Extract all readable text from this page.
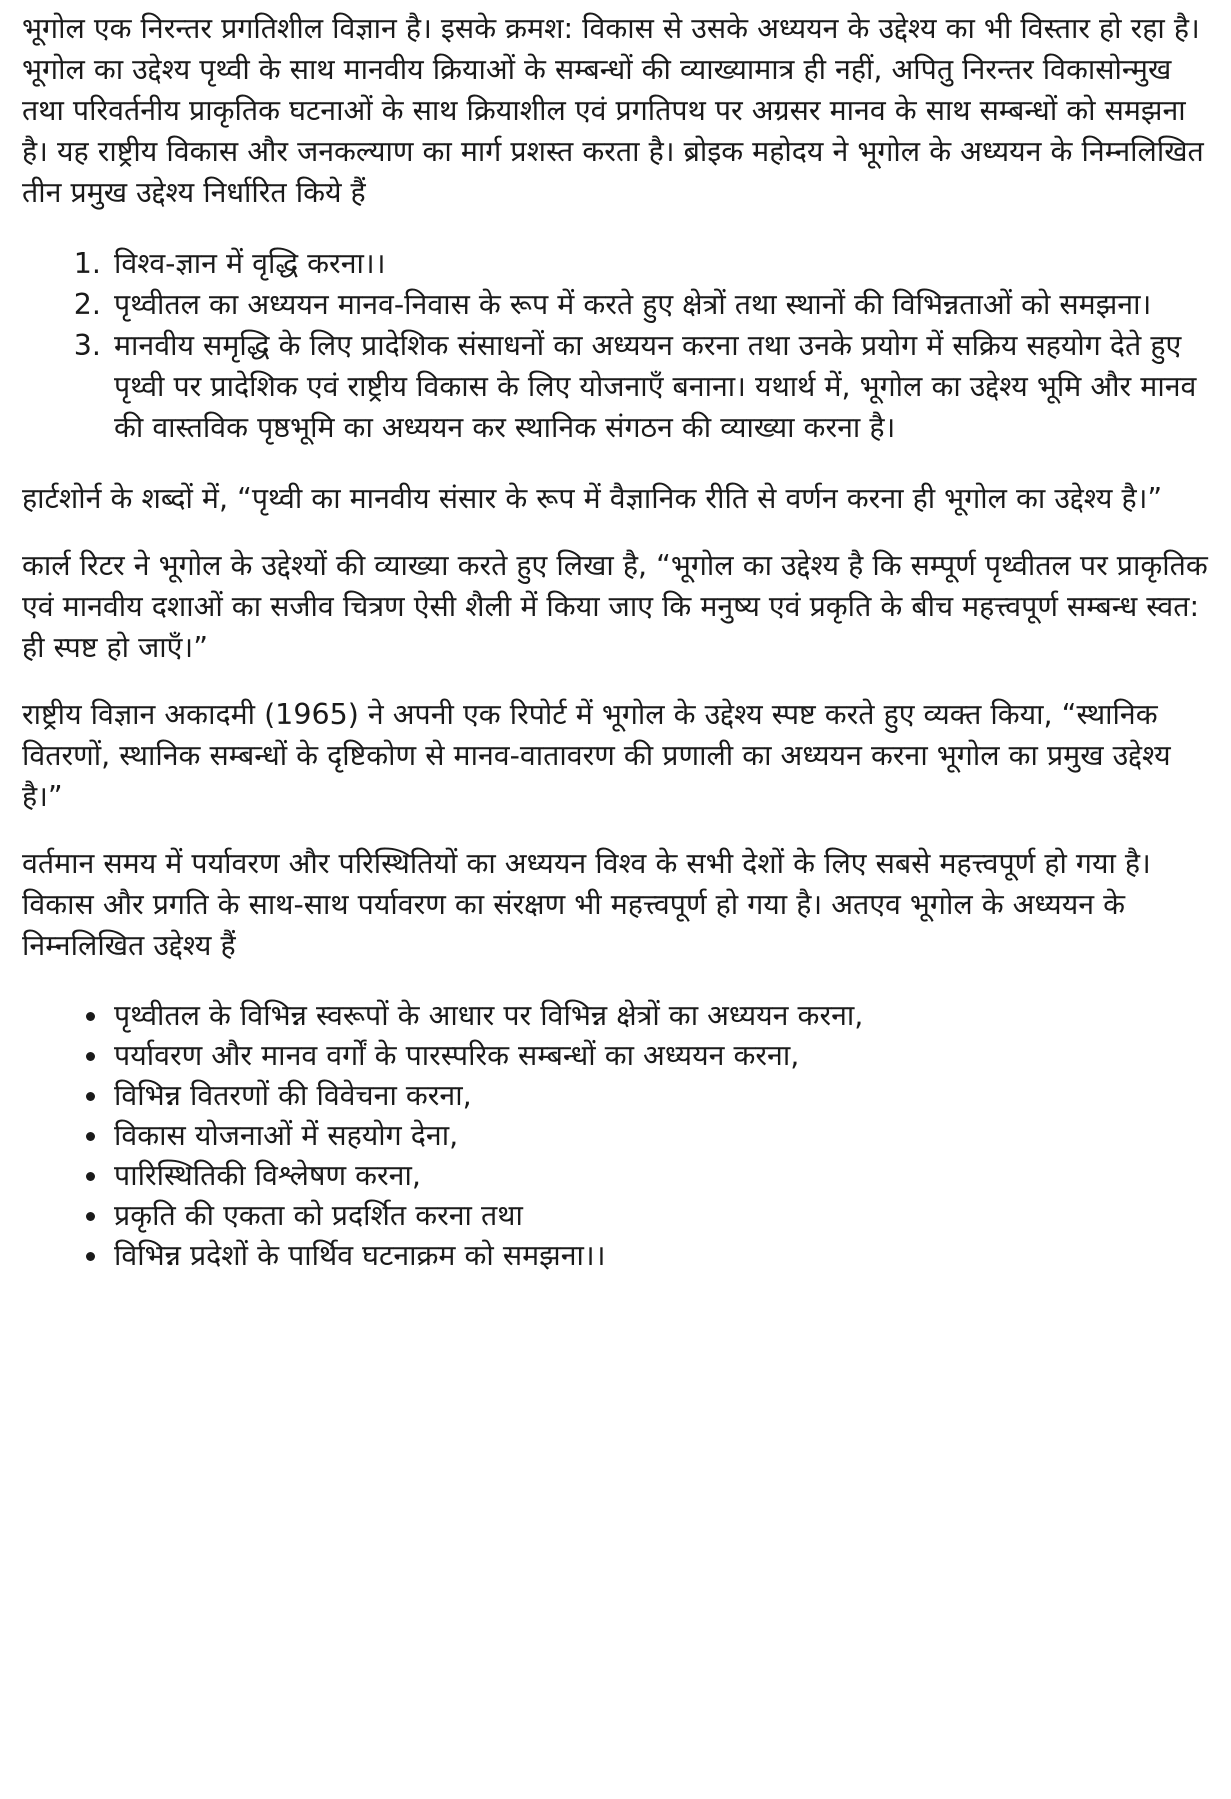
भूगोल एक निरन्तर प्रगतिशील विज्ञान है। इसके क्रमश: विकास से उसके अध्ययन के उद्देश्य का भी विस्तार हो रहा है। भूगोल का उद्देश्य पृथ्वी के साथ मानवीय क्रियाओं के सम्बन्धों की व्याख्यामात्र ही नहीं, अपितु निरन्तर विकासोन्मुख तथा परिवर्तनीय प्राकृतिक घटनाओं के साथ क्रियाशील एवं प्रगतिपथ पर अग्रसर मानव के साथ सम्बन्धों को समझना है। यह राष्ट्रीय विकास और जनकल्याण का मार्ग प्रशस्त करता है। ब्रोइक महोदय ने भूगोल के अध्ययन के निम्नलिखित तीन प्रमुख उद्देश्य निर्धारित किये हैं

1. विश्व-ज्ञान में वृद्धि करना।।
2. पृथ्वीतल का अध्ययन मानव-निवास के रूप में करते हुए क्षेत्रों तथा स्थानों की विभिन्नताओं को समझना।
3. मानवीय समृद्धि के लिए प्रादेशिक संसाधनों का अध्ययन करना तथा उनके प्रयोग में सक्रिय सहयोग देते हुए पृथ्वी पर प्रादेशिक एवं राष्ट्रीय विकास के लिए योजनाएँ बनाना। यथार्थ में, भूगोल का उद्देश्य भूमि और मानव की वास्तविक पृष्ठभूमि का अध्ययन कर स्थानिक संगठन की व्याख्या करना है।

हार्टशोर्न के शब्दों में, “पृथ्वी का मानवीय संसार के रूप में वैज्ञानिक रीति से वर्णन करना ही भूगोल का उद्देश्य है।”

कार्ल रिटर ने भूगोल के उद्देश्यों की व्याख्या करते हुए लिखा है, “भूगोल का उद्देश्य है कि सम्पूर्ण पृथ्वीतल पर प्राकृतिक एवं मानवीय दशाओं का सजीव चित्रण ऐसी शैली में किया जाए कि मनुष्य एवं प्रकृति के बीच महत्त्वपूर्ण सम्बन्ध स्वत: ही स्पष्ट हो जाएँ।”

राष्ट्रीय विज्ञान अकादमी (1965) ने अपनी एक रिपोर्ट में भूगोल के उद्देश्य स्पष्ट करते हुए व्यक्त किया, “स्थानिक वितरणों, स्थानिक सम्बन्धों के दृष्टिकोण से मानव-वातावरण की प्रणाली का अध्ययन करना भूगोल का प्रमुख उद्देश्य है।”

वर्तमान समय में पर्यावरण और परिस्थितियों का अध्ययन विश्व के सभी देशों के लिए सबसे महत्त्वपूर्ण हो गया है। विकास और प्रगति के साथ-साथ पर्यावरण का संरक्षण भी महत्त्वपूर्ण हो गया है। अतएव भूगोल के अध्ययन के निम्नलिखित उद्देश्य हैं

• पृथ्वीतल के विभिन्न स्वरूपों के आधार पर विभिन्न क्षेत्रों का अध्ययन करना,
• पर्यावरण और मानव वर्गों के पारस्परिक सम्बन्धों का अध्ययन करना,
• विभिन्न वितरणों की विवेचना करना,
• विकास योजनाओं में सहयोग देना,
• पारिस्थितिकी विश्लेषण करना,
• प्रकृति की एकता को प्रदर्शित करना तथा
• विभिन्न प्रदेशों के पार्थिव घटनाक्रम को समझना।।
